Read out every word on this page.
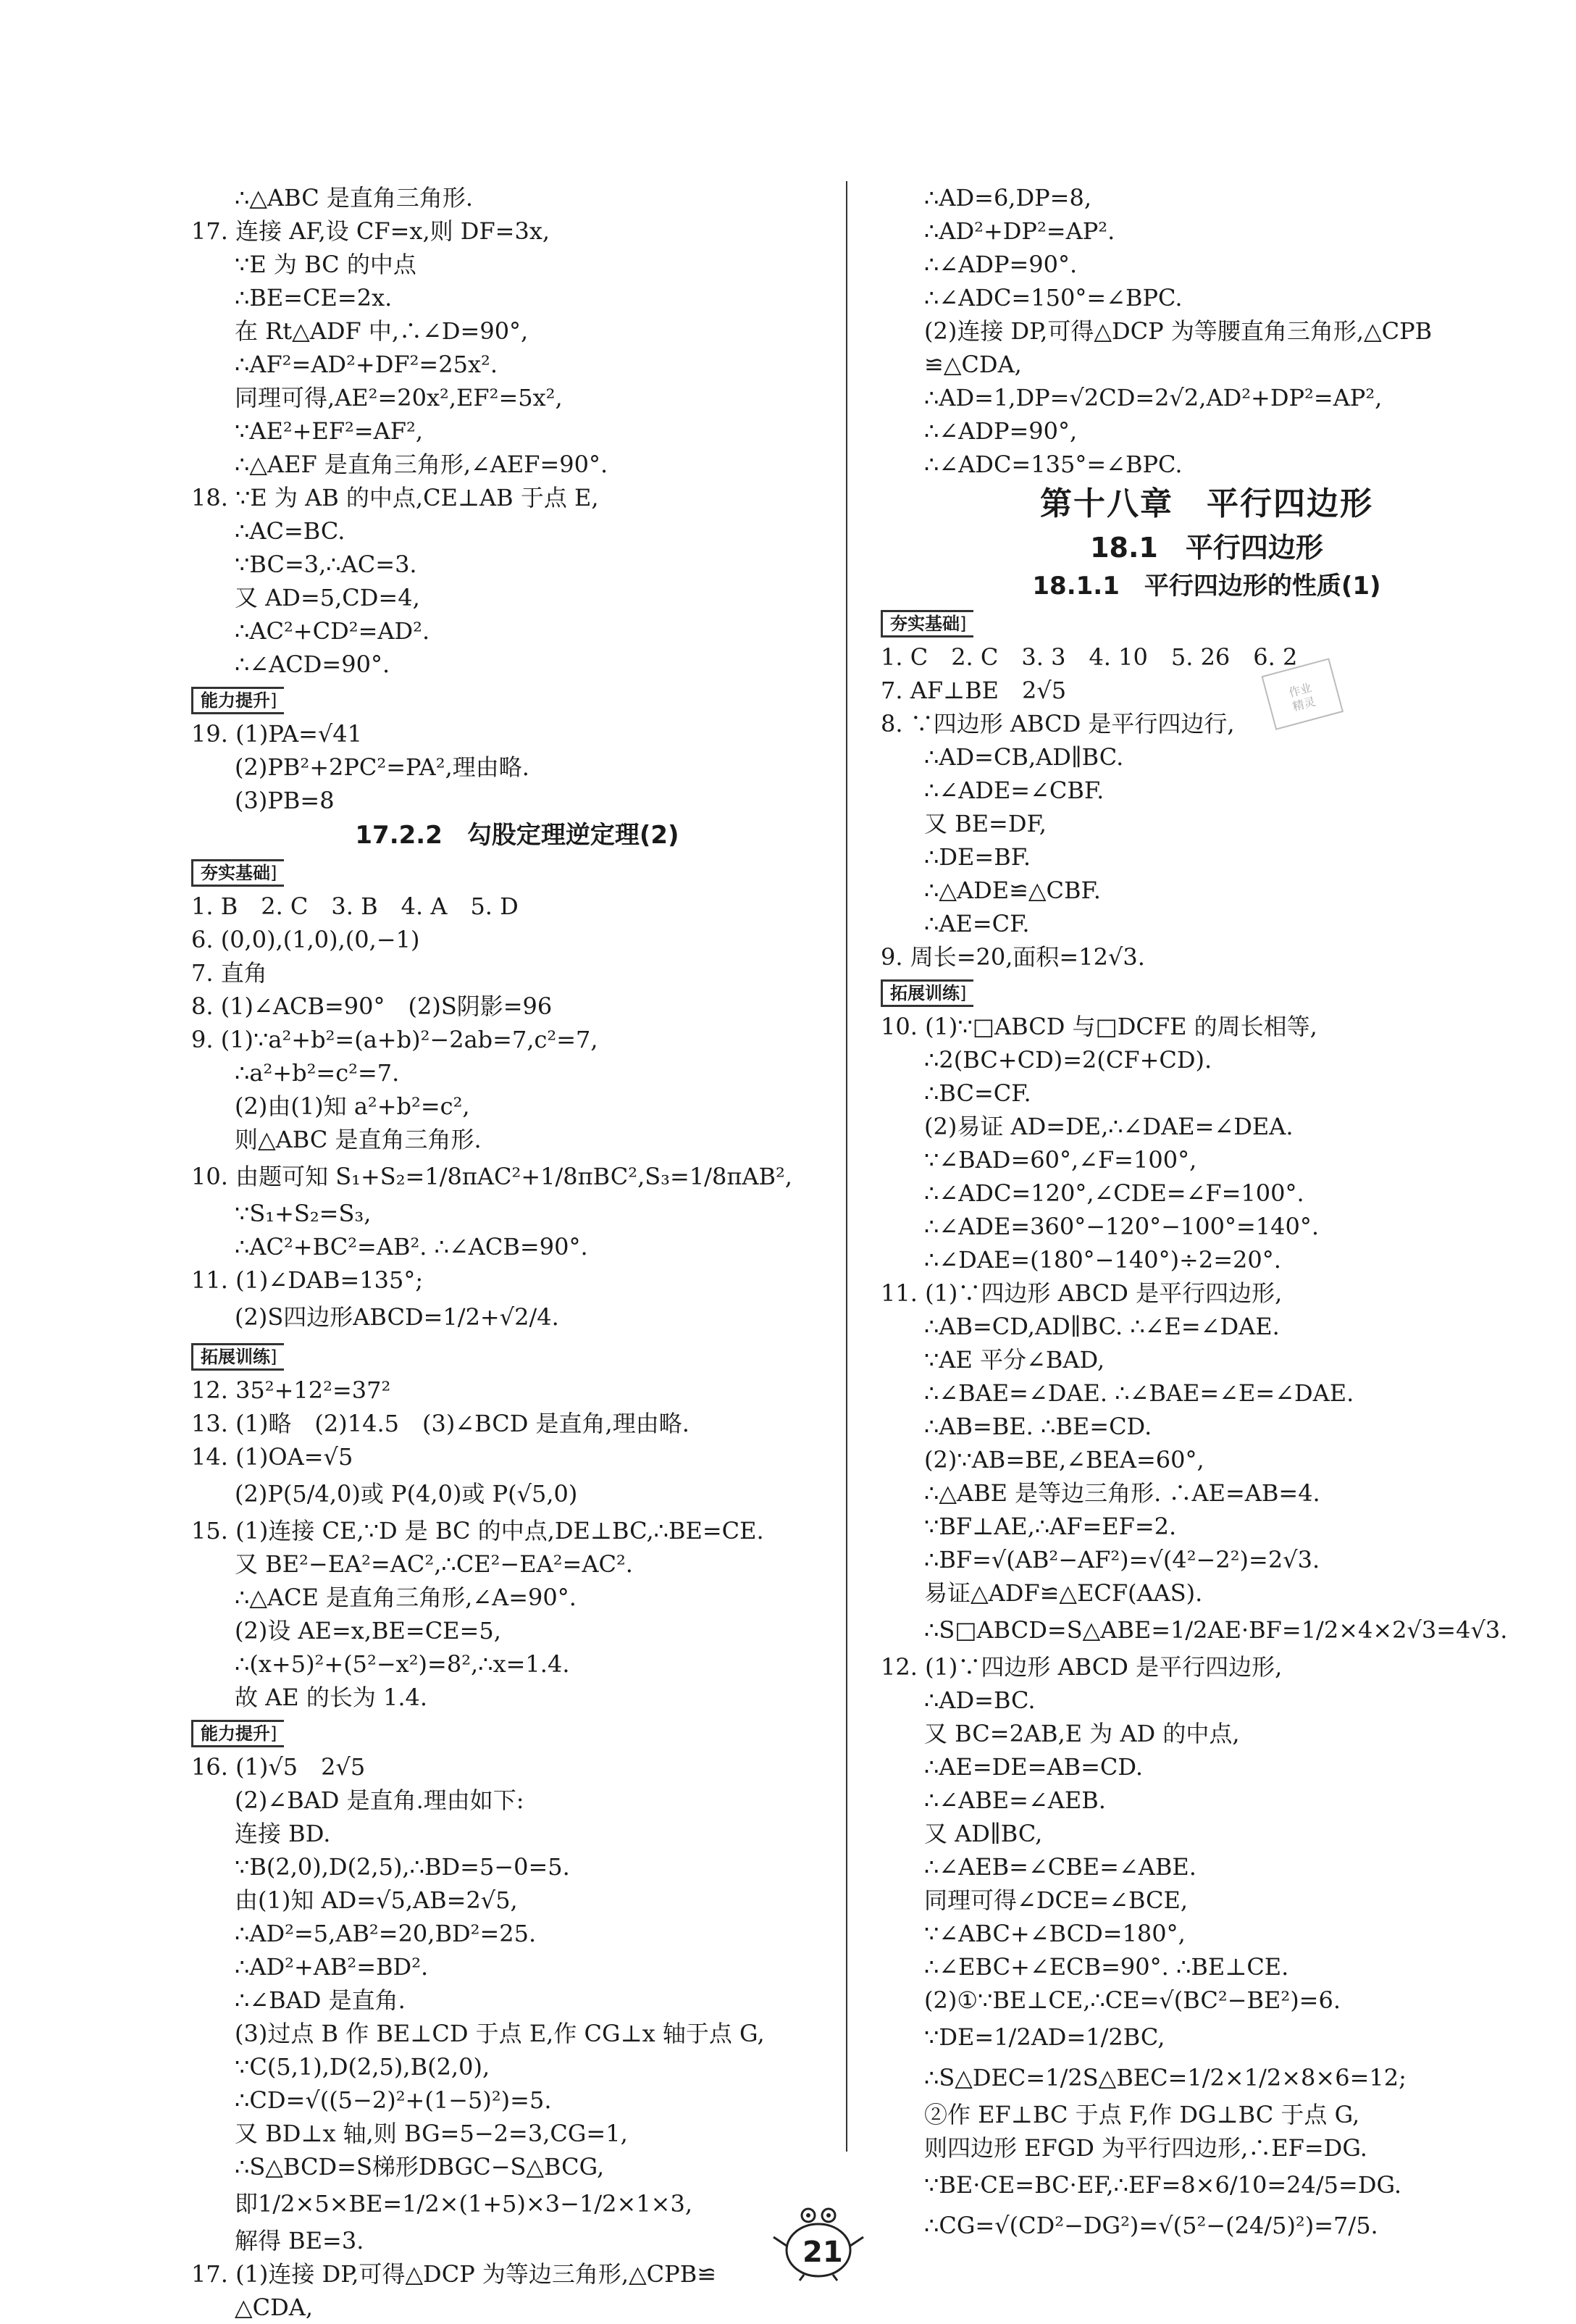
∴△ABC 是直角三角形.
17. 连接 AF,设 CF=x,则 DF=3x,
∵E 为 BC 的中点
∴BE=CE=2x.
在 Rt△ADF 中,∴∠D=90°,
∴AF²=AD²+DF²=25x².
同理可得,AE²=20x²,EF²=5x²,
∵AE²+EF²=AF²,
∴△AEF 是直角三角形,∠AEF=90°.
18. ∵E 为 AB 的中点,CE⊥AB 于点 E,
∴AC=BC.
∵BC=3,∴AC=3.
又 AD=5,CD=4,
∴AC²+CD²=AD².
∴∠ACD=90°.
能力提升 ]
19. (1)PA=√41
(2)PB²+2PC²=PA²,理由略.
(3)PB=8
17.2.2　勾股定理逆定理(2)
夯实基础 ]
1. B　2. C　3. B　4. A　5. D
6. (0,0),(1,0),(0,−1)
7. 直角
8. (1)∠ACB=90°　(2)S阴影=96
9. (1)∵a²+b²=(a+b)²−2ab=7,c²=7,
∴a²+b²=c²=7.
(2)由(1)知 a²+b²=c²,
则△ABC 是直角三角形.
10. 由题可知 S₁+S₂=1/8πAC²+1/8πBC²,S₃=1/8πAB²,
∵S₁+S₂=S₃,
∴AC²+BC²=AB². ∴∠ACB=90°.
11. (1)∠DAB=135°;
(2)S四边形ABCD=1/2+√2/4.
拓展训练 ]
12. 35²+12²=37²
13. (1)略　(2)14.5　(3)∠BCD 是直角,理由略.
14. (1)OA=√5
(2)P(5/4,0)或 P(4,0)或 P(√5,0)
15. (1)连接 CE,∵D 是 BC 的中点,DE⊥BC,∴BE=CE.
又 BE²−EA²=AC²,∴CE²−EA²=AC².
∴△ACE 是直角三角形,∠A=90°.
(2)设 AE=x,BE=CE=5,
∴(x+5)²+(5²−x²)=8²,∴x=1.4.
故 AE 的长为 1.4.
能力提升 ]
16. (1)√5　2√5
(2)∠BAD 是直角.理由如下:
连接 BD.
∵B(2,0),D(2,5),∴BD=5−0=5.
由(1)知 AD=√5,AB=2√5,
∴AD²=5,AB²=20,BD²=25.
∴AD²+AB²=BD².
∴∠BAD 是直角.
(3)过点 B 作 BE⊥CD 于点 E,作 CG⊥x 轴于点 G,
∵C(5,1),D(2,5),B(2,0),
∴CD=√((5−2)²+(1−5)²)=5.
又 BD⊥x 轴,则 BG=5−2=3,CG=1,
∴S△BCD=S梯形DBGC−S△BCG,
即1/2×5×BE=1/2×(1+5)×3−1/2×1×3,
解得 BE=3.
17. (1)连接 DP,可得△DCP 为等边三角形,△CPB≌
△CDA,
∴AD=6,DP=8,
∴AD²+DP²=AP².
∴∠ADP=90°.
∴∠ADC=150°=∠BPC.
(2)连接 DP,可得△DCP 为等腰直角三角形,△CPB
≌△CDA,
∴AD=1,DP=√2CD=2√2,AD²+DP²=AP²,
∴∠ADP=90°,
∴∠ADC=135°=∠BPC.
第十八章　平行四边形
18.1　平行四边形
18.1.1　平行四边形的性质(1)
夯实基础 ]
1. C　2. C　3. 3　4. 10　5. 26　6. 2
7. AF⊥BE　2√5
8. ∵四边形 ABCD 是平行四边行,
∴AD=CB,AD∥BC.
∴∠ADE=∠CBF.
又 BE=DF,
∴DE=BF.
∴△ADE≌△CBF.
∴AE=CF.
9. 周长=20,面积=12√3.
拓展训练 ]
10. (1)∵□ABCD 与□DCFE 的周长相等,
∴2(BC+CD)=2(CF+CD).
∴BC=CF.
(2)易证 AD=DE,∴∠DAE=∠DEA.
∵∠BAD=60°,∠F=100°,
∴∠ADC=120°,∠CDE=∠F=100°.
∴∠ADE=360°−120°−100°=140°.
∴∠DAE=(180°−140°)÷2=20°.
11. (1)∵四边形 ABCD 是平行四边形,
∴AB=CD,AD∥BC. ∴∠E=∠DAE.
∵AE 平分∠BAD,
∴∠BAE=∠DAE. ∴∠BAE=∠E=∠DAE.
∴AB=BE. ∴BE=CD.
(2)∵AB=BE,∠BEA=60°,
∴△ABE 是等边三角形. ∴AE=AB=4.
∵BF⊥AE,∴AF=EF=2.
∴BF=√(AB²−AF²)=√(4²−2²)=2√3.
易证△ADF≌△ECF(AAS).
∴S□ABCD=S△ABE=1/2AE·BF=1/2×4×2√3=4√3.
12. (1)∵四边形 ABCD 是平行四边形,
∴AD=BC.
又 BC=2AB,E 为 AD 的中点,
∴AE=DE=AB=CD.
∴∠ABE=∠AEB.
又 AD∥BC,
∴∠AEB=∠CBE=∠ABE.
同理可得∠DCE=∠BCE,
∵∠ABC+∠BCD=180°,
∴∠EBC+∠ECB=90°. ∴BE⊥CE.
(2)①∵BE⊥CE,∴CE=√(BC²−BE²)=6.
∵DE=1/2AD=1/2BC,
∴S△DEC=1/2S△BEC=1/2×1/2×8×6=12;
②作 EF⊥BC 于点 F,作 DG⊥BC 于点 G,
则四边形 EFGD 为平行四边形,∴EF=DG.
∵BE·CE=BC·EF,∴EF=8×6/10=24/5=DG.
∴CG=√(CD²−DG²)=√(5²−(24/5)²)=7/5.
作业
精灵
21
